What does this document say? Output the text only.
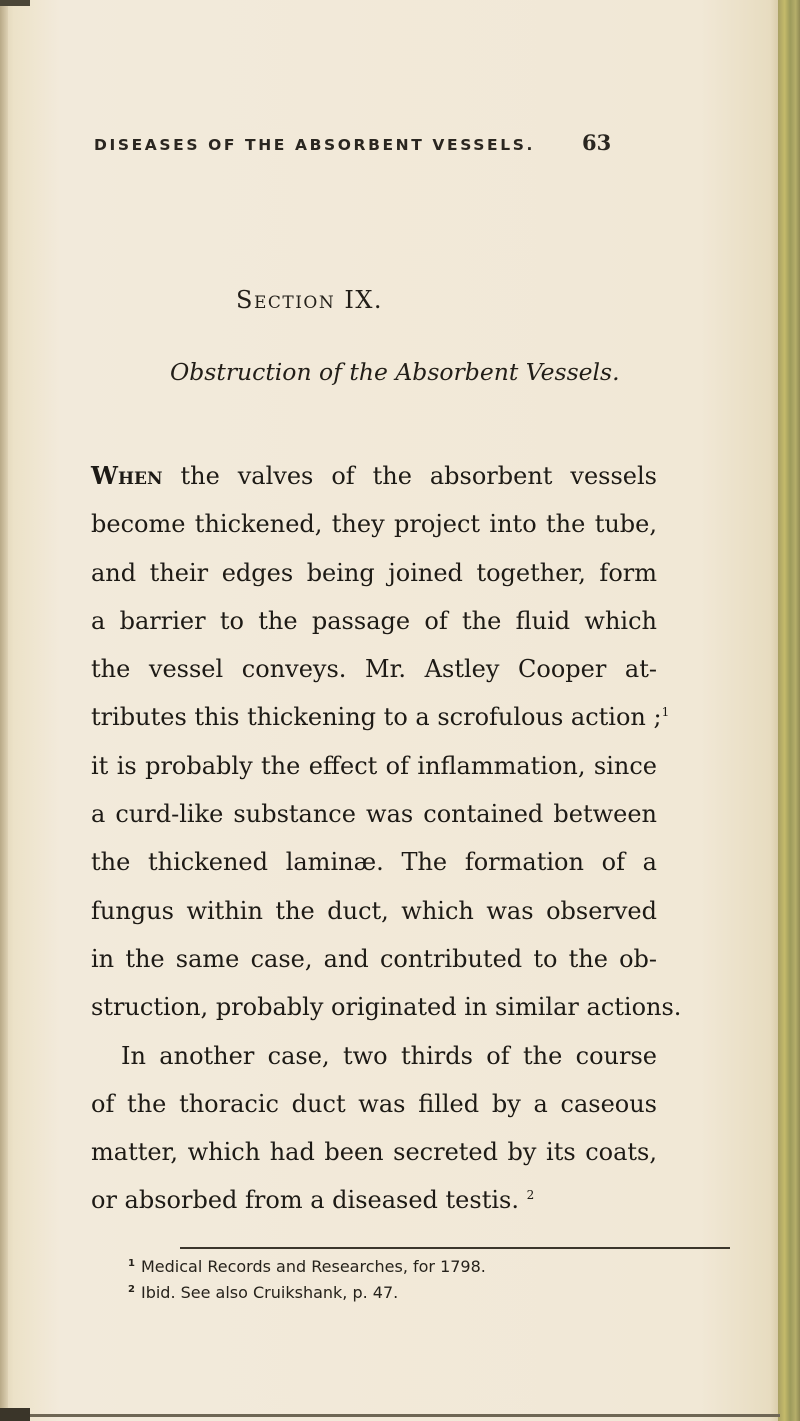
DISEASES OF THE ABSORBENT VESSELS. 63
Section IX.
Obstruction of the Absorbent Vessels.
When the valves of the absorbent vessels
become thickened, they project into the tube,
and their edges being joined together, form
a barrier to the passage of the fluid which
the vessel conveys. Mr. Astley Cooper at-
tributes this thickening to a scrofulous action ;$^1$
it is probably the effect of inflammation, since
a curd-like substance was contained between
the thickened laminæ. The formation of a
fungus within the duct, which was observed
in the same case, and contributed to the ob-
struction, probably originated in similar actions.
In another case, two thirds of the course
of the thoracic duct was filled by a caseous
matter, which had been secreted by its coats,
or absorbed from a diseased testis. $^2$
$^1$ Medical Records and Researches, for 1798.
$^2$ Ibid. See also Cruikshank, p. 47.
